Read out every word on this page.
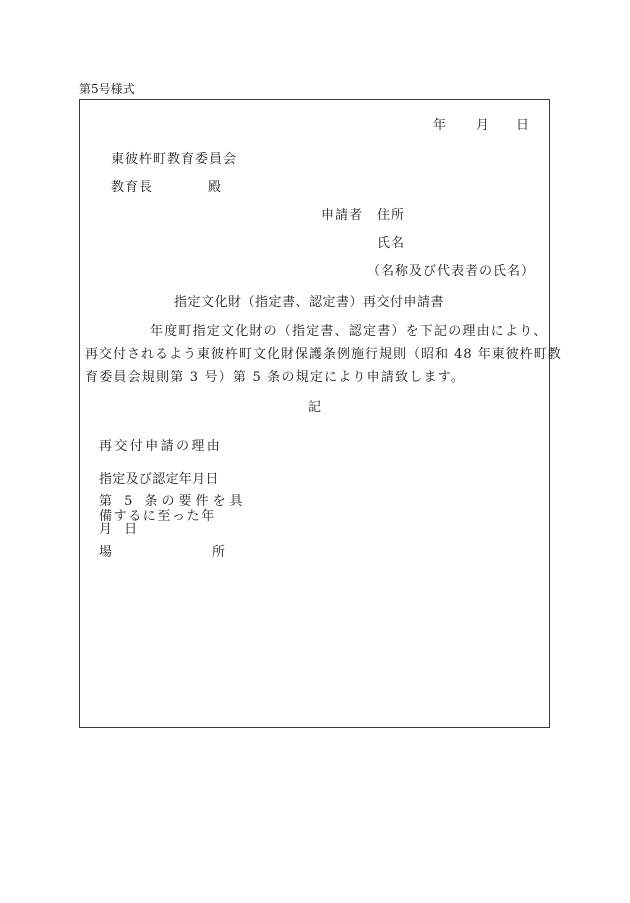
第5号様式
年 月 日
東彼杵町教育委員会
教育長	殿
申請者 住所
氏名
（名称及び代表者の氏名）
指定文化財（指定書、認定書）再交付申請書
年度町指定文化財の（指定書、認定書）を下記の理由により、
再交付されるよう東彼杵町文化財保護条例施行規則（昭和 48 年東彼杵町教
育委員会規則第 3 号）第 5 条の規定により申請致します。
記
再交付申請の理由
指定及び認定年月日
第 5 条の要件を具
備するに至った年
月 日
場	所
